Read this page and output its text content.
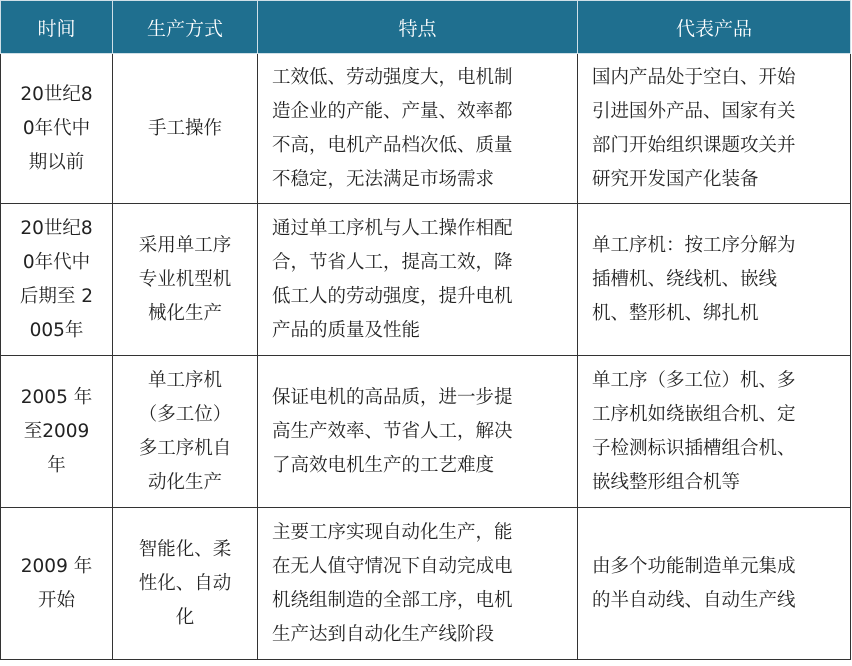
时间	生产方式	特点	代表产品

20世纪8
0年代中
期以前	手工操作	工效低、劳动强度大，电机制
造企业的产能、产量、效率都
不高，电机产品档次低、质量
不稳定，无法满足市场需求	国内产品处于空白、开始
引进国外产品、国家有关
部门开始组织课题攻关并
研究开发国产化装备

20世纪8
0年代中
后期至 2
005年	采用单工序
专业机型机
械化生产	通过单工序机与人工操作相配
合，节省人工，提高工效，降
低工人的劳动强度，提升电机
产品的质量及性能	单工序机：按工序分解为
插槽机、绕线机、嵌线
机、整形机、绑扎机

2005 年
至2009
年	单工序机
（多工位）
多工序机自
动化生产	保证电机的高品质，进一步提
高生产效率、节省人工，解决
了高效电机生产的工艺难度	单工序（多工位）机、多
工序机如绕嵌组合机、定
子检测标识插槽组合机、
嵌线整形组合机等

2009 年
开始	智能化、柔
性化、自动
化	主要工序实现自动化生产，能
在无人值守情况下自动完成电
机绕组制造的全部工序，电机
生产达到自动化生产线阶段	由多个功能制造单元集成
的半自动线、自动生产线
